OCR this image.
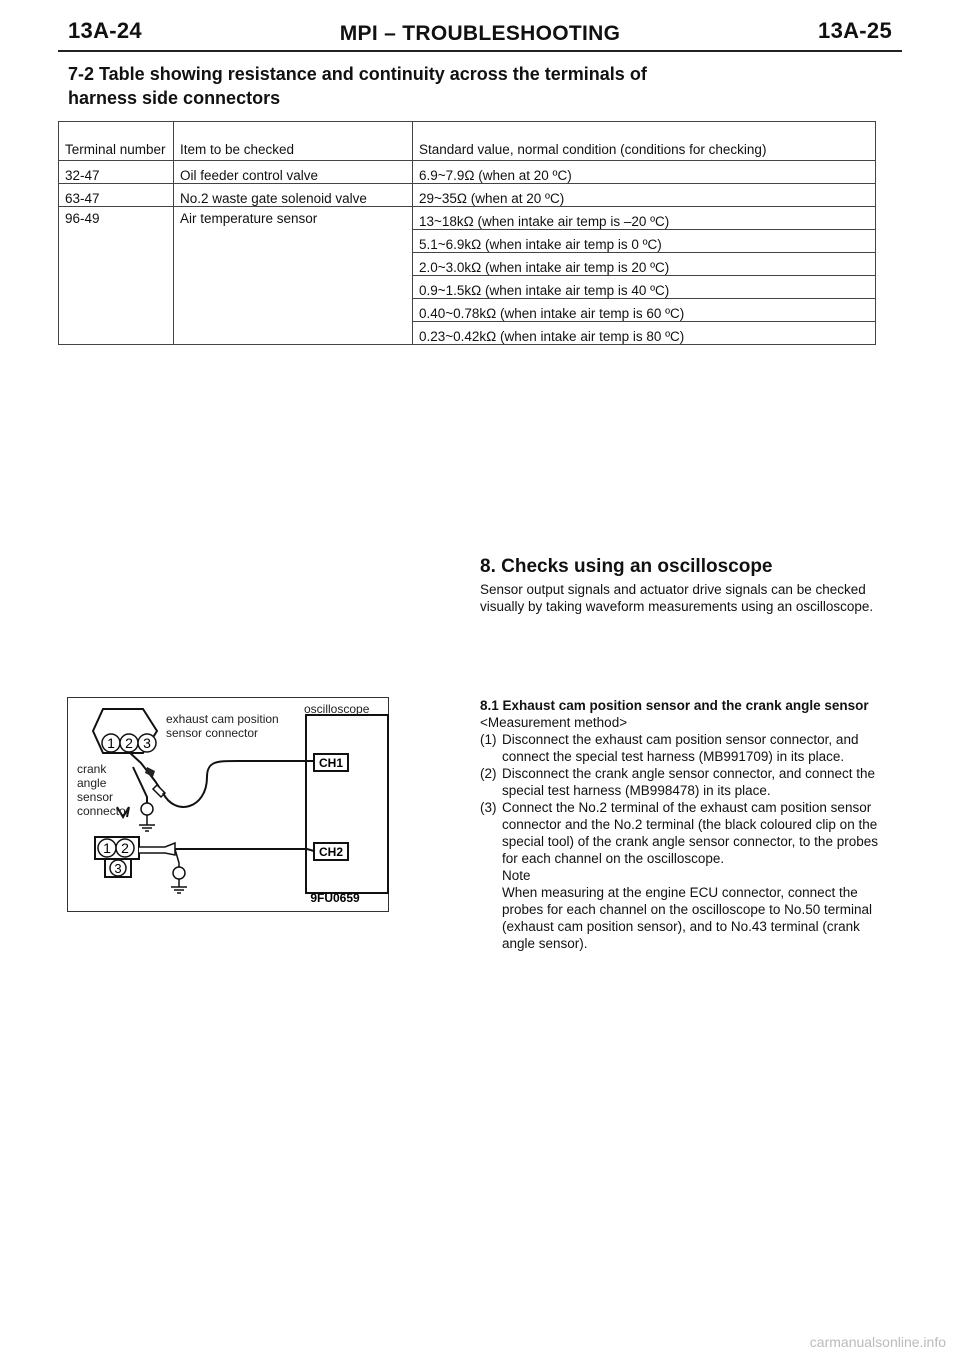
13A-24	MPI – TROUBLESHOOTING	13A-25
7-2 Table showing resistance and continuity across the terminals of harness side connectors
Terminal number	Item to be checked	Standard value, normal condition (conditions for checking)
32-47	Oil feeder control valve	6.9~7.9Ω (when at 20 ºC)
63-47	No.2 waste gate solenoid valve	29~35Ω (when at 20 ºC)
96-49	Air temperature sensor	13~18kΩ (when intake air temp is –20 ºC)
		5.1~6.9kΩ (when intake air temp is 0 ºC)
		2.0~3.0kΩ (when intake air temp is 20 ºC)
		0.9~1.5kΩ (when intake air temp is 40 ºC)
		0.40~0.78kΩ (when intake air temp is 60 ºC)
		0.23~0.42kΩ (when intake air temp is 80 ºC)
8. Checks using an oscilloscope
Sensor output signals and actuator drive signals can be checked visually by taking waveform measurements using an oscilloscope.
CH1
CH2
1 2 3
1 2
3
9FU0659
exhaust cam position sensor connector
oscilloscope
crank angle sensor connector
8.1 Exhaust cam position sensor and the crank angle sensor
<Measurement method>
(1) Disconnect the exhaust cam position sensor connector, and connect the special test harness (MB991709) in its place.
(2) Disconnect the crank angle sensor connector, and connect the special test harness (MB998478) in its place.
(3) Connect the No.2 terminal of the exhaust cam position sensor connector and the No.2 terminal (the black coloured clip on the special tool) of the crank angle sensor connector, to the probes for each channel on the oscilloscope.
Note
When measuring at the engine ECU connector, connect the probes for each channel on the oscilloscope to No.50 terminal (exhaust cam position sensor), and to No.43 terminal (crank angle sensor).
carmanualsonline.info
